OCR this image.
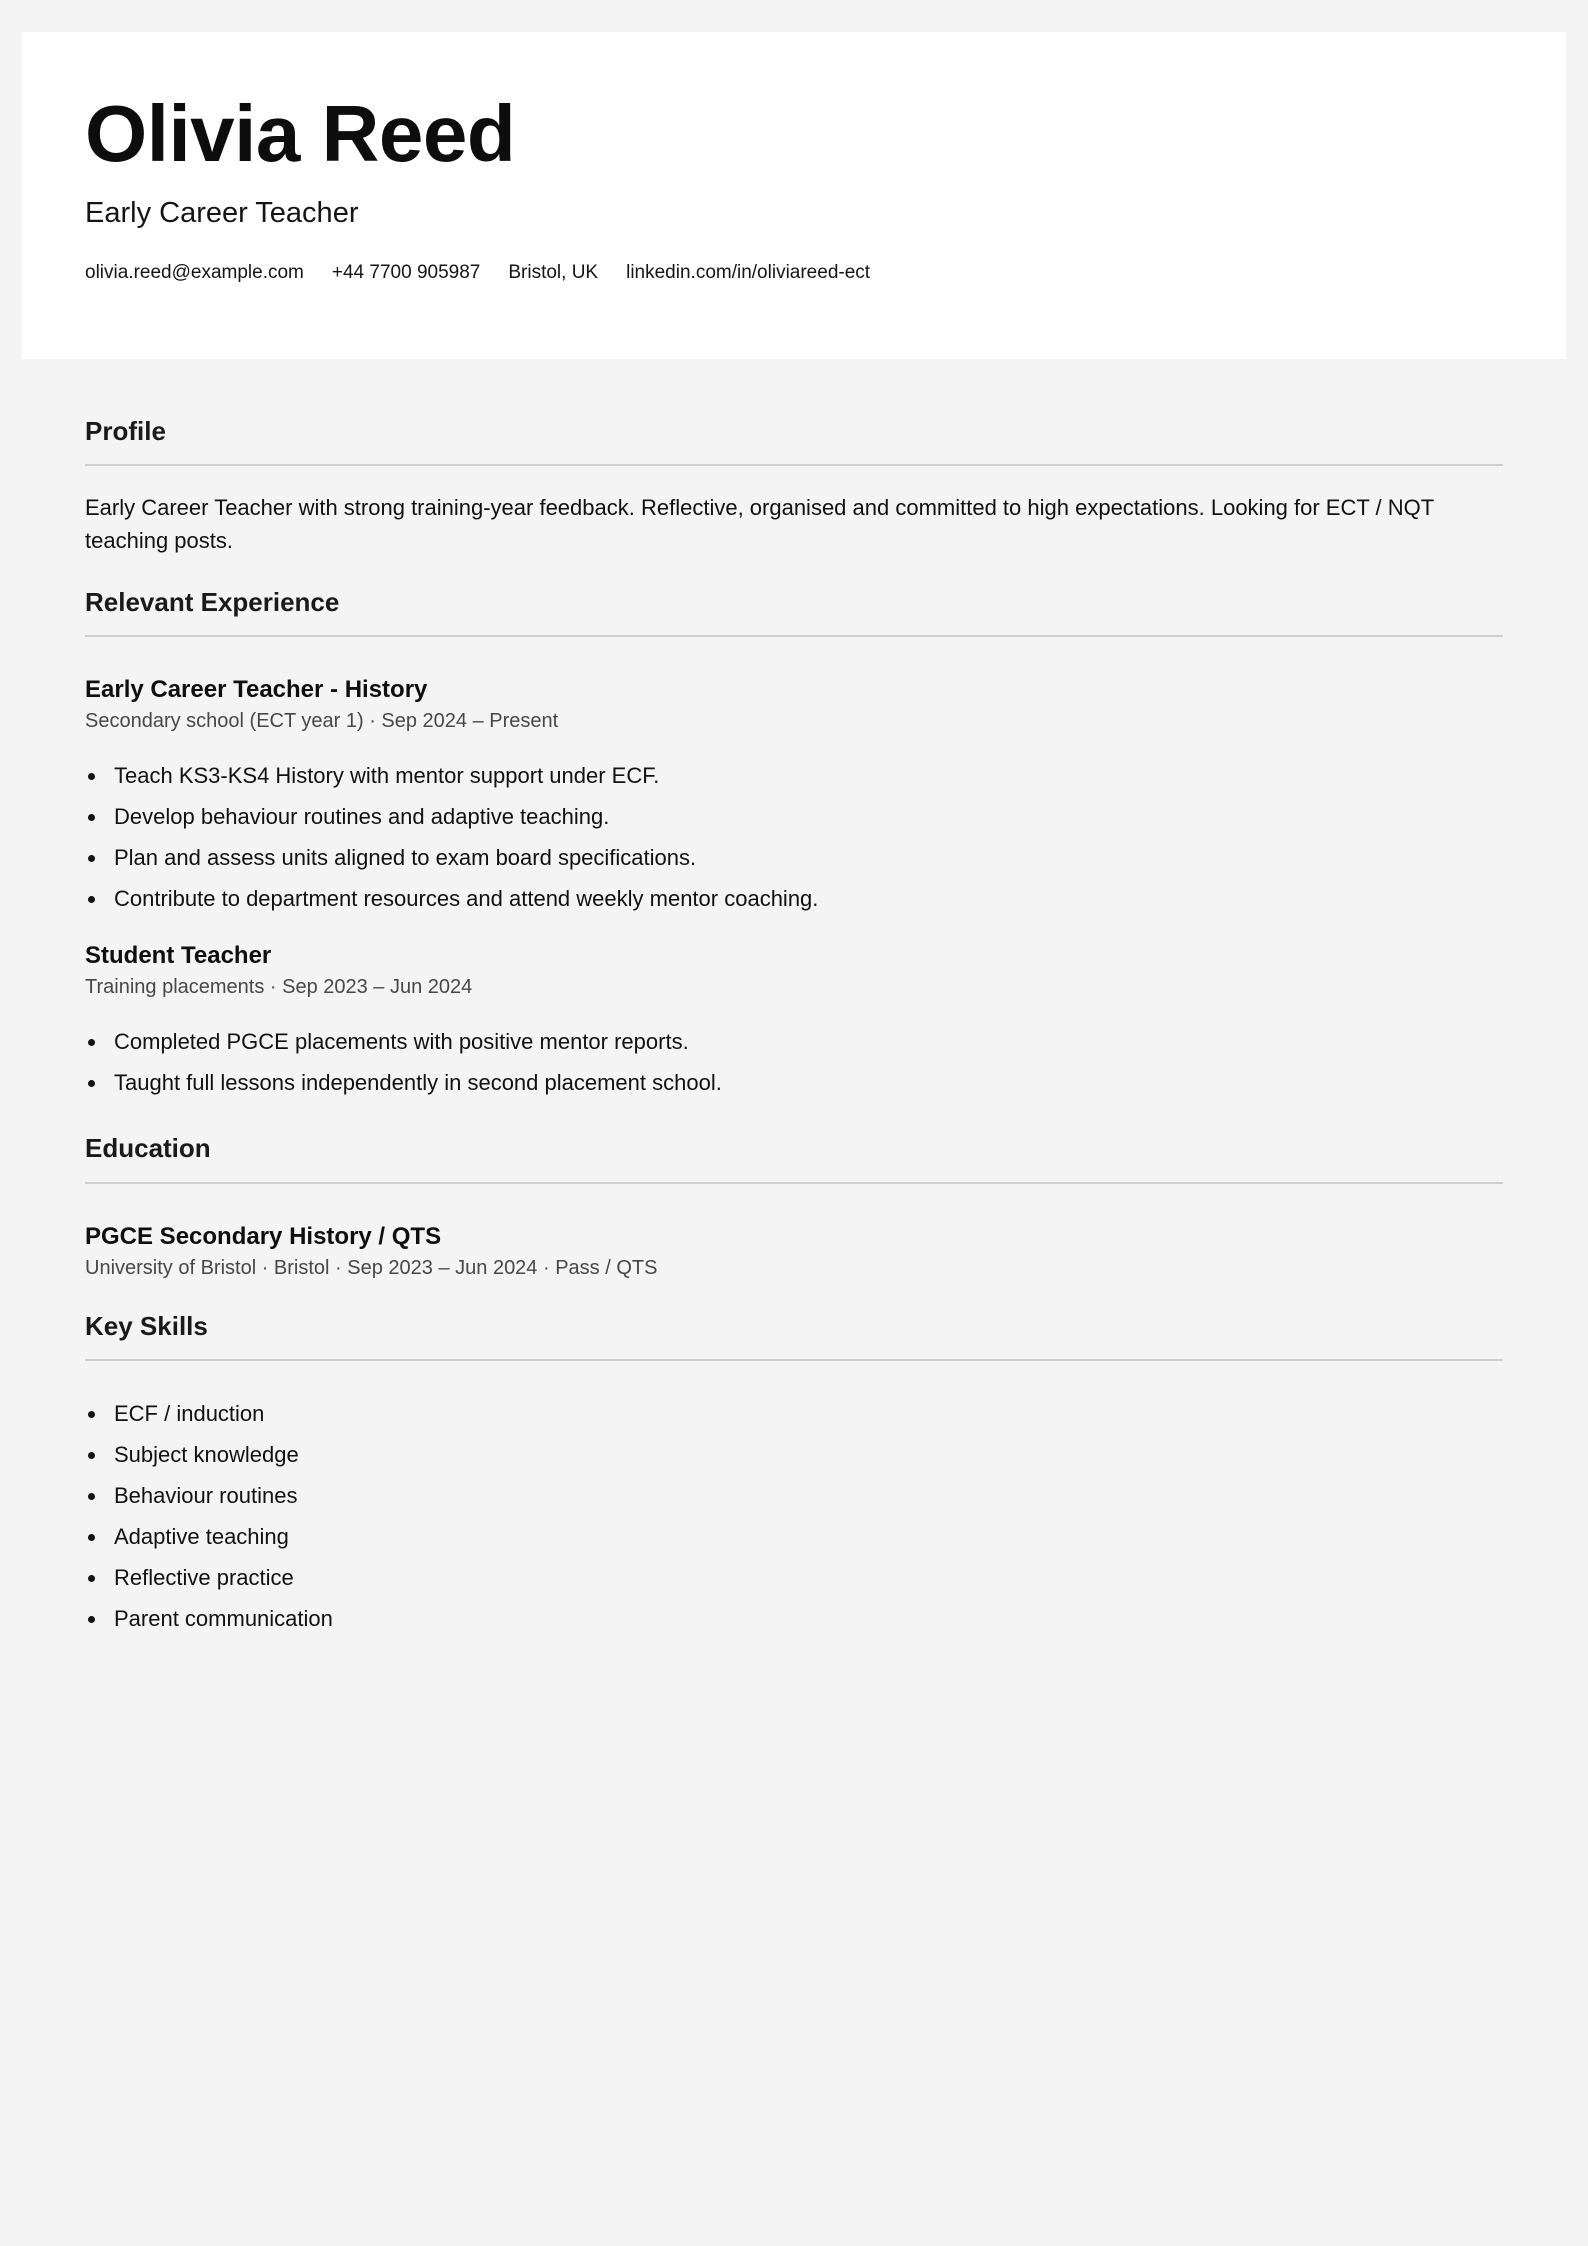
Olivia Reed

Early Career Teacher

olivia.reed@example.com +44 7700 905987 Bristol, UK linkedin.com/in/oliviareed-ect
Profile

Early Career Teacher with strong training-year feedback. Reflective, organised and committed to high expectations. Looking for ECT / NQT teaching posts.

Relevant Experience

Early Career Teacher - History

Secondary school (ECT year 1) · Sep 2024 – Present

Teach KS3-KS4 History with mentor support under ECF.
Develop behaviour routines and adaptive teaching.
Plan and assess units aligned to exam board specifications.
Contribute to department resources and attend weekly mentor coaching.

Student Teacher

Training placements · Sep 2023 – Jun 2024

Completed PGCE placements with positive mentor reports.
Taught full lessons independently in second placement school.
Education

PGCE Secondary History / QTS

University of Bristol · Bristol · Sep 2023 – Jun 2024 · Pass / QTS

Key Skills
ECF / induction
Subject knowledge
Behaviour routines
Adaptive teaching
Reflective practice
Parent communication
